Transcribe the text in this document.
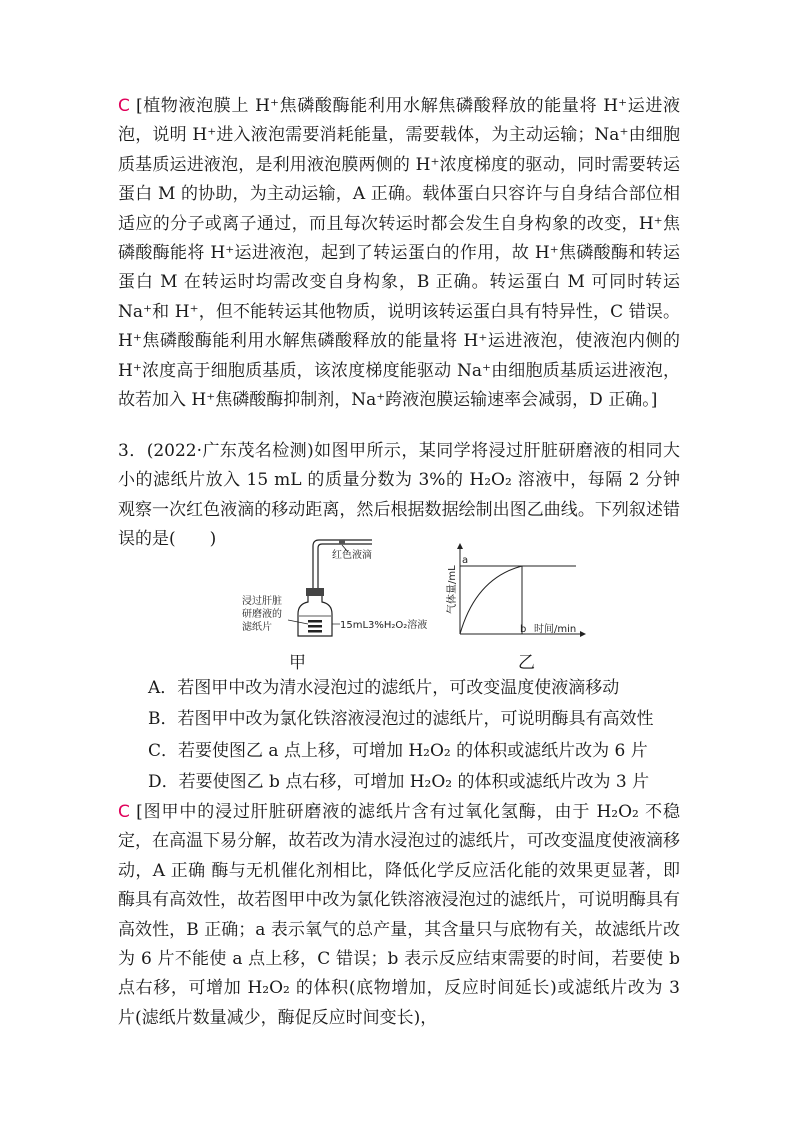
C [植物液泡膜上 H⁺焦磷酸酶能利用水解焦磷酸释放的能量将 H⁺运进液泡，说明 H⁺进入液泡需要消耗能量，需要载体，为主动运输；Na⁺由细胞质基质运进液泡，是利用液泡膜两侧的 H⁺浓度梯度的驱动，同时需要转运蛋白 M 的协助，为主动运输，A 正确。载体蛋白只容许与自身结合部位相适应的分子或离子通过，而且每次转运时都会发生自身构象的改变，H⁺焦磷酸酶能将 H⁺运进液泡，起到了转运蛋白的作用，故 H⁺焦磷酸酶和转运蛋白 M 在转运时均需改变自身构象，B 正确。转运蛋白 M 可同时转运 Na⁺和 H⁺，但不能转运其他物质，说明该转运蛋白具有特异性，C 错误。H⁺焦磷酸酶能利用水解焦磷酸释放的能量将 H⁺运进液泡，使液泡内侧的 H⁺浓度高于细胞质基质，该浓度梯度能驱动 Na⁺由细胞质基质运进液泡，故若加入 H⁺焦磷酸酶抑制剂，Na⁺跨液泡膜运输速率会减弱，D 正确。]

3．(2022·广东茂名检测)如图甲所示，某同学将浸过肝脏研磨液的相同大小的滤纸片放入 15 mL 的质量分数为 3%的 H₂O₂ 溶液中，每隔 2 分钟观察一次红色液滴的移动距离，然后根据数据绘制出图乙曲线。下列叙述错误的是(　　)

红色液滴
浸过肝脏
研磨液的
滤纸片	15mL3%H₂O₂溶液
甲
a
b
气体量/mL
时间/min
乙

A．若图甲中改为清水浸泡过的滤纸片，可改变温度使液滴移动

B．若图甲中改为氯化铁溶液浸泡过的滤纸片，可说明酶具有高效性

C．若要使图乙 a 点上移，可增加 H₂O₂ 的体积或滤纸片改为 6 片

D．若要使图乙 b 点右移，可增加 H₂O₂ 的体积或滤纸片改为 3 片

C [图甲中的浸过肝脏研磨液的滤纸片含有过氧化氢酶，由于 H₂O₂ 不稳定，在高温下易分解，故若改为清水浸泡过的滤纸片，可改变温度使液滴移动，A 正确 酶与无机催化剂相比，降低化学反应活化能的效果更显著，即酶具有高效性，故若图甲中改为氯化铁溶液浸泡过的滤纸片，可说明酶具有高效性，B 正确；a 表示氧气的总产量，其含量只与底物有关，故滤纸片改为 6 片不能使 a 点上移，C 错误；b 表示反应结束需要的时间，若要使 b 点右移，可增加 H₂O₂ 的体积(底物增加，反应时间延长)或滤纸片改为 3 片(滤纸片数量减少，酶促反应时间变长)，
